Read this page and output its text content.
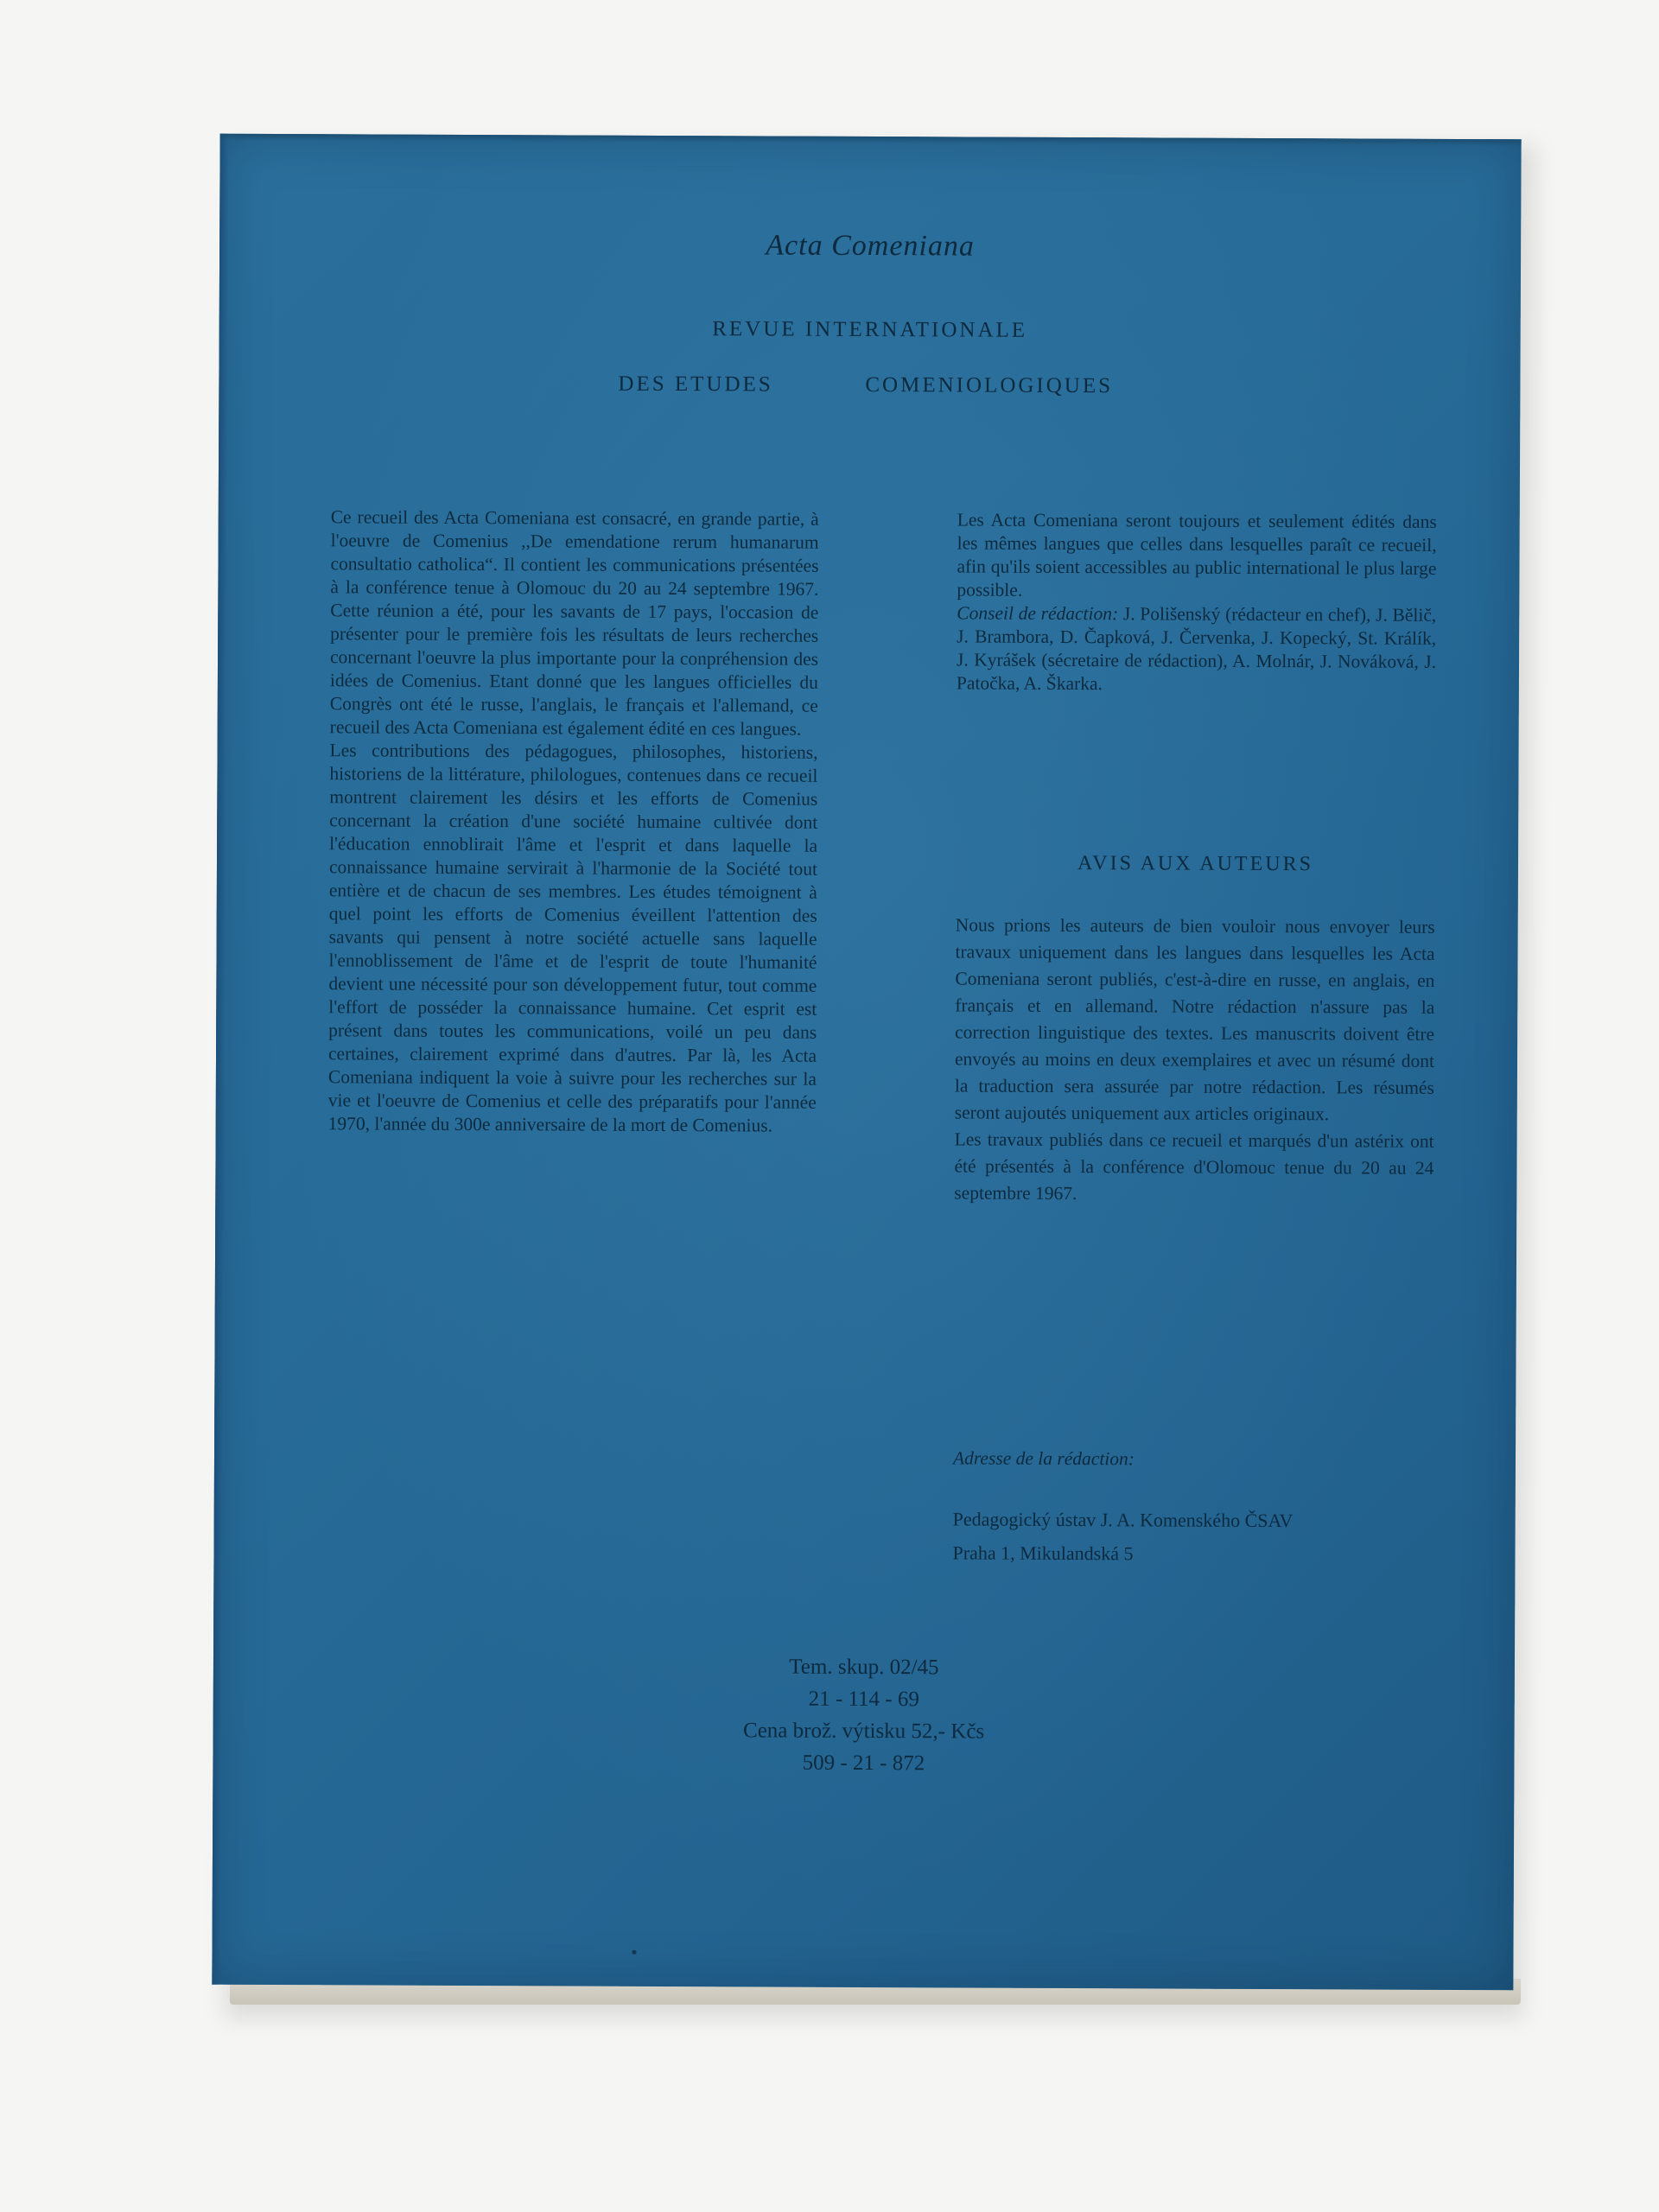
Acta Comeniana
REVUE INTERNATIONALE
DES ETUDES	COMENIOLOGIQUES

Ce recueil des Acta Comeniana est consacré, en grande partie, à l'oeuvre de Comenius ,,De emendatione rerum humanarum consultatio catholica“. Il contient les communications présentées à la conférence tenue à Olomouc du 20 au 24 septembre 1967. Cette réunion a été, pour les savants de 17 pays, l'occasion de présenter pour le première fois les résultats de leurs recherches concernant l'oeuvre la plus importante pour la conpréhension des idées de Comenius. Etant donné que les langues officielles du Congrès ont été le russe, l'anglais, le français et l'allemand, ce recueil des Acta Comeniana est également édité en ces langues.

Les contributions des pédagogues, philosophes, historiens, historiens de la littérature, philologues, contenues dans ce recueil montrent clairement les désirs et les efforts de Comenius concernant la création d'une société humaine cultivée dont l'éducation ennoblirait l'âme et l'esprit et dans laquelle la connaissance humaine servirait à l'harmonie de la Société tout entière et de chacun de ses membres. Les études témoignent à quel point les efforts de Comenius éveillent l'attention des savants qui pensent à notre société actuelle sans laquelle l'ennoblissement de l'âme et de l'esprit de toute l'humanité devient une nécessité pour son développement futur, tout comme l'effort de posséder la connaissance humaine. Cet esprit est présent dans toutes les communications, voilé un peu dans certaines, clairement exprimé dans d'autres. Par là, les Acta Comeniana indiquent la voie à suivre pour les recherches sur la vie et l'oeuvre de Comenius et celle des préparatifs pour l'année 1970, l'année du 300e anniversaire de la mort de Comenius.

Les Acta Comeniana seront toujours et seulement édités dans les mêmes langues que celles dans lesquelles paraît ce recueil, afin qu'ils soient accessibles au public international le plus large possible.

Conseil de rédaction: J. Polišenský (rédacteur en chef), J. Bělič, J. Brambora, D. Čapková, J. Červenka, J. Kopecký, St. Králík, J. Kyrášek (sécretaire de rédaction), A. Molnár, J. Nováková, J. Patočka, A. Škarka.

AVIS AUX AUTEURS

Nous prions les auteurs de bien vouloir nous envoyer leurs travaux uniquement dans les langues dans lesquelles les Acta Comeniana seront publiés, c'est-à-dire en russe, en anglais, en français et en allemand. Notre rédaction n'assure pas la correction linguistique des textes. Les manuscrits doivent être envoyés au moins en deux exemplaires et avec un résumé dont la traduction sera assurée par notre rédaction. Les résumés seront aujoutés uniquement aux articles originaux.

Les travaux publiés dans ce recueil et marqués d'un astérix ont été présentés à la conférence d'Olomouc tenue du 20 au 24 septembre 1967.

Adresse de la rédaction:
Pedagogický ústav J. A. Komenského ČSAV
Praha 1, Mikulandská 5
Tem. skup. 02/45
21 - 114 - 69
Cena brož. výtisku 52,- Kčs
509 - 21 - 872
